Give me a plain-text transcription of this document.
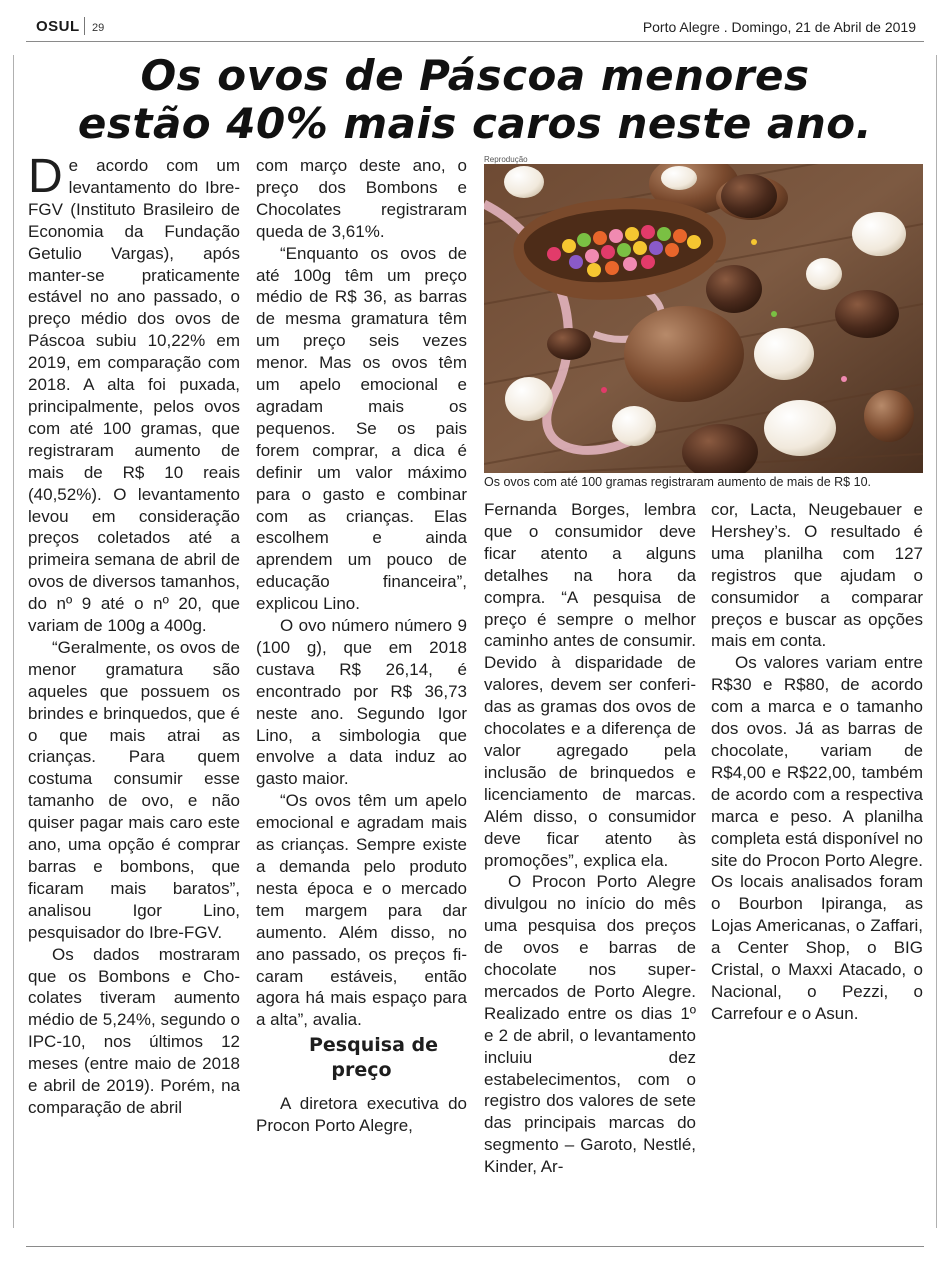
OSUL 29	Porto Alegre . Domingo, 21 de Abril de 2019
Os ovos de Páscoa menores
estão 40% mais caros neste ano.

De acordo com um levantamento do Ibre-FGV (Instituto Brasileiro de Economia da Fundação Getulio Vargas), após manter-se praticamente estável no ano passado, o preço médio dos ovos de Páscoa subiu 10,22% em 2019, em comparação com 2018. A alta foi puxada, principalmente, pelos ovos com até 100 gramas, que registraram aumento de mais de R$ 10 reais (40,52%). O levantamento levou em consideração preços coletados até a primeira semana de abril de ovos de diversos tamanhos, do nº 9 até o nº 20, que variam de 100g a 400g.

“Geralmente, os ovos de menor gramatura são aqueles que possuem os brindes e brinquedos, que é o que mais atrai as crianças. Para quem costuma consumir esse tamanho de ovo, e não quiser pagar mais caro este ano, uma opção é comprar barras e bombons, que ficaram mais baratos”, analisou Igor Lino, pesquisador do Ibre-FGV.

Os dados mostraram que os Bombons e Chocolates tiveram aumento médio de 5,24%, segundo o IPC-10, nos últimos 12 meses (entre maio de 2018 e abril de 2019). Porém, na comparação de abril

com março deste ano, o preço dos Bombons e Chocolates registraram queda de 3,61%.

“Enquanto os ovos de até 100g têm um preço médio de R$ 36, as barras de mesma gramatura têm um preço seis vezes menor. Mas os ovos têm um apelo emocional e agradam mais os pequenos. Se os pais forem comprar, a dica é definir um valor máximo para o gasto e combinar com as crianças. Elas escolhem e ainda aprendem um pouco de educação financeira”, explicou Lino.

O ovo número número 9 (100 g), que em 2018 custava R$ 26,14, é encontrado por R$ 36,73 neste ano. Segundo Igor Lino, a simbologia que envolve a data induz ao gasto maior.

“Os ovos têm um apelo emocional e agradam mais as crianças. Sempre existe a demanda pelo produto nesta época e o mercado tem margem para dar aumento. Além disso, no ano passado, os preços ficaram estáveis, então agora há mais espaço para a alta”, avalia.

Pesquisa de preço

A diretora executiva do Procon Porto Alegre,

Reprodução
Os ovos com até 100 gramas registraram aumento de mais de R$ 10.

Fernanda Borges, lembra que o consumidor deve ficar atento a alguns detalhes na hora da compra. “A pesquisa de preço é sempre o melhor caminho antes de consumir. Devido à disparidade de valores, devem ser conferidas as gramas dos ovos de chocolates e a diferença de valor agregado pela inclusão de brinquedos e licenciamento de marcas. Além disso, o consumidor deve ficar atento às promoções”, explica ela.

O Procon Porto Alegre divulgou no início do mês uma pesquisa dos preços de ovos e barras de chocolate nos supermercados de Porto Alegre. Realizado entre os dias 1º e 2 de abril, o levantamento incluiu dez estabelecimentos, com o registro dos valores de sete das principais marcas do segmento – Garoto, Nestlé, Kinder, Ar-

cor, Lacta, Neugebauer e Hershey’s. O resultado é uma planilha com 127 registros que ajudam o consumidor a comparar preços e buscar as opções mais em conta.

Os valores variam entre R$30 e R$80, de acordo com a marca e o tamanho dos ovos. Já as barras de chocolate, variam de R$4,00 e R$22,00, também de acordo com a respectiva marca e peso. A planilha completa está disponível no site do Procon Porto Alegre. Os locais analisados foram o Bourbon Ipiranga, as Lojas Americanas, o Zaffari, a Center Shop, o BIG Cristal, o Maxxi Atacado, o Nacional, o Pezzi, o Carrefour e o Asun.
